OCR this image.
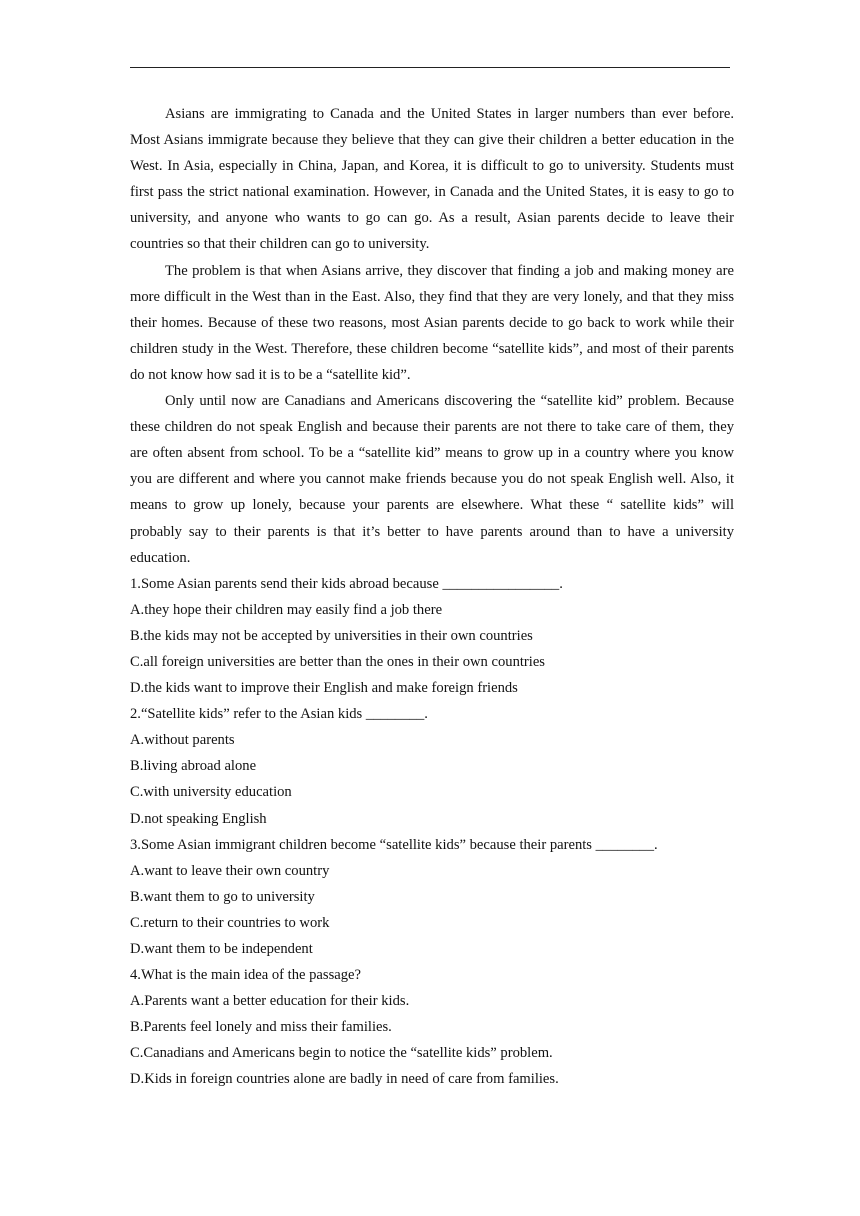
Asians are immigrating to Canada and the United States in larger numbers than ever before. Most Asians immigrate because they believe that they can give their children a better education in the West. In Asia, especially in China, Japan, and Korea, it is difficult to go to university. Students must first pass the strict national examination. However, in Canada and the United States, it is easy to go to university, and anyone who wants to go can go. As a result, Asian parents decide to leave their countries so that their children can go to university.

The problem is that when Asians arrive, they discover that finding a job and making money are more difficult in the West than in the East. Also, they find that they are very lonely, and that they miss their homes. Because of these two reasons, most Asian parents decide to go back to work while their children study in the West. Therefore, these children become “satellite kids”, and most of their parents do not know how sad it is to be a “satellite kid”.

Only until now are Canadians and Americans discovering the “satellite kid” problem. Because these children do not speak English and because their parents are not there to take care of them, they are often absent from school. To be a “satellite kid” means to grow up in a country where you know you are different and where you cannot make friends because you do not speak English well. Also, it means to grow up lonely, because your parents are elsewhere. What these “ satellite kids” will probably say to their parents is that it’s better to have parents around than to have a university education.

1.Some Asian parents send their kids abroad because ________________.

A.they hope their children may easily find a job there

B.the kids may not be accepted by universities in their own countries

C.all foreign universities are better than the ones in their own countries

D.the kids want to improve their English and make foreign friends

2.“Satellite kids” refer to the Asian kids ________.

A.without parents

B.living abroad alone

C.with university education

D.not speaking English

3.Some Asian immigrant children become “satellite kids” because their parents ________.

A.want to leave their own country

B.want them to go to university

C.return to their countries to work

D.want them to be independent

4.What is the main idea of the passage?

A.Parents want a better education for their kids.

B.Parents feel lonely and miss their families.

C.Canadians and Americans begin to notice the “satellite kids” problem.

D.Kids in foreign countries alone are badly in need of care from families.
